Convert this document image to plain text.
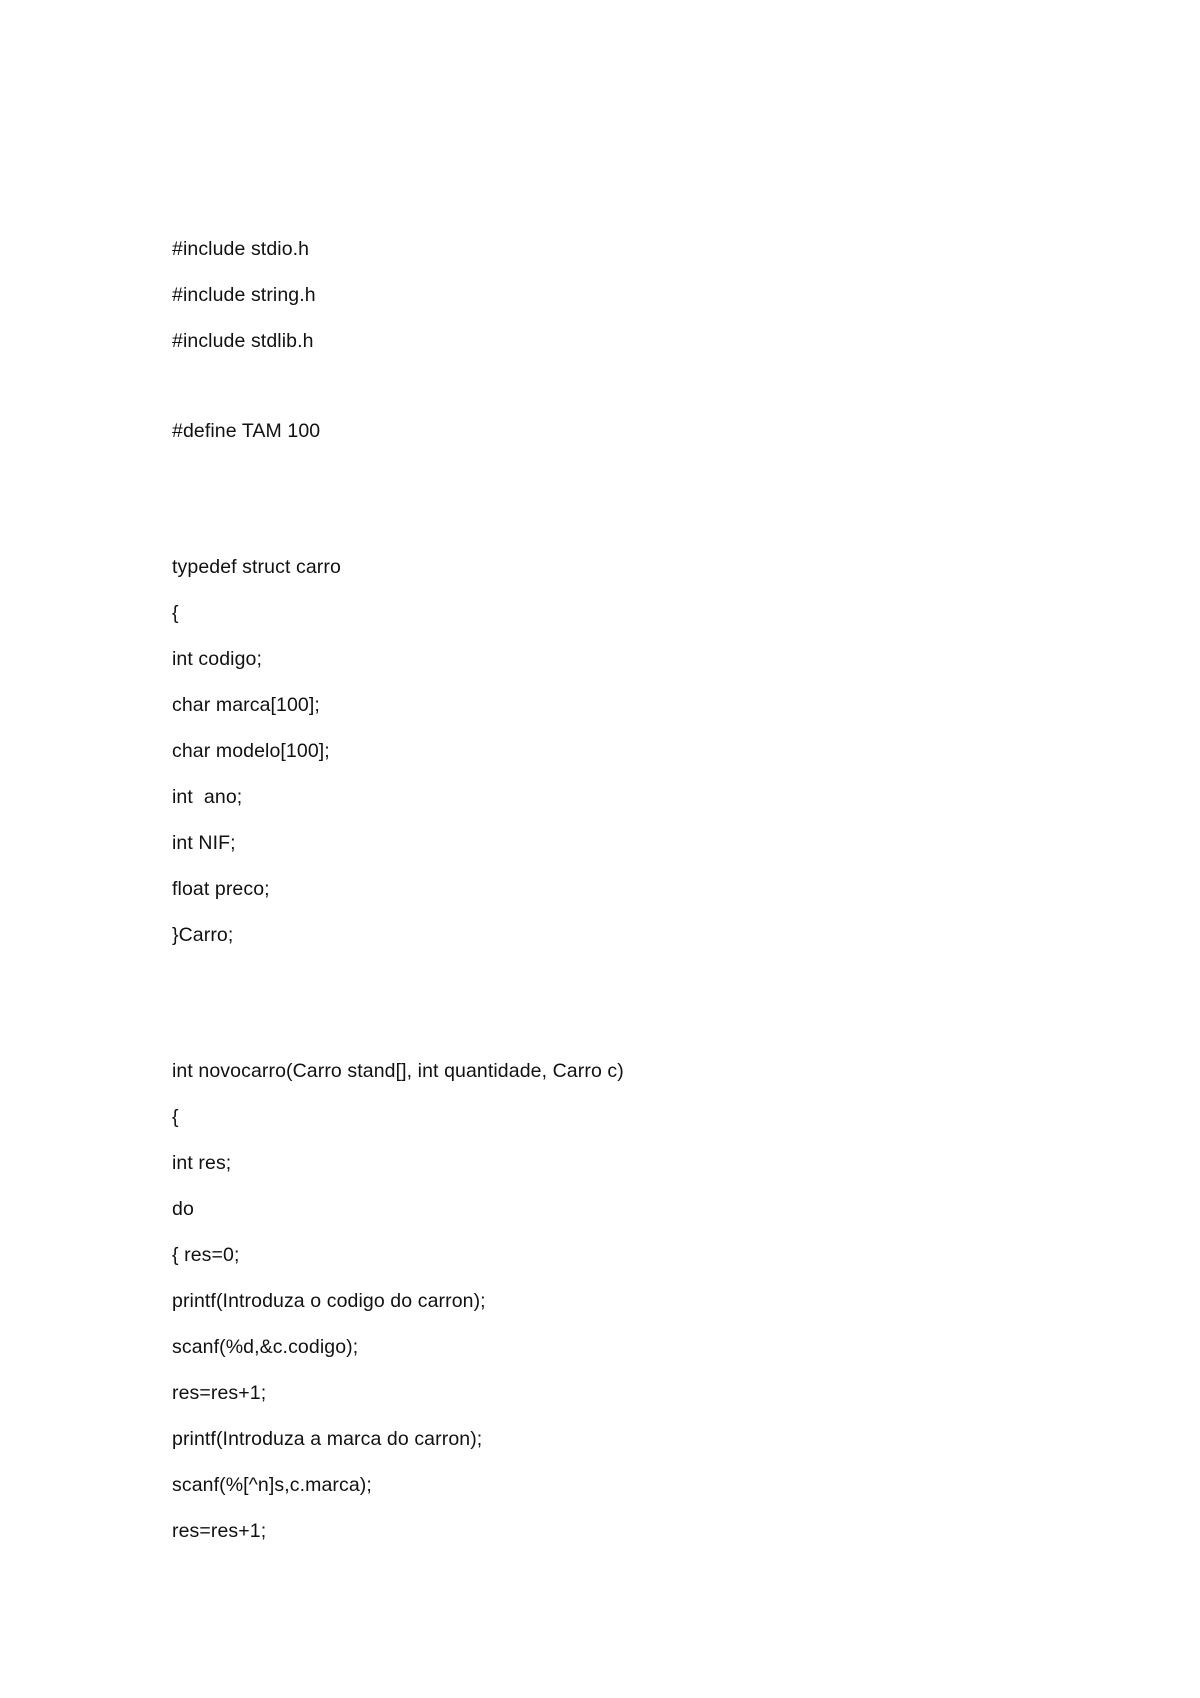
#include stdio.h
#include string.h
#include stdlib.h
#define TAM 100
typedef struct carro
{
int codigo;
char marca[100];
char modelo[100];
int  ano;
int NIF;
float preco;
}Carro;
int novocarro(Carro stand[], int quantidade, Carro c)
{
int res;
do
{ res=0;
printf(Introduza o codigo do carron);
scanf(%d,&c.codigo);
res=res+1;
printf(Introduza a marca do carron);
scanf(%[^n]s,c.marca);
res=res+1;
